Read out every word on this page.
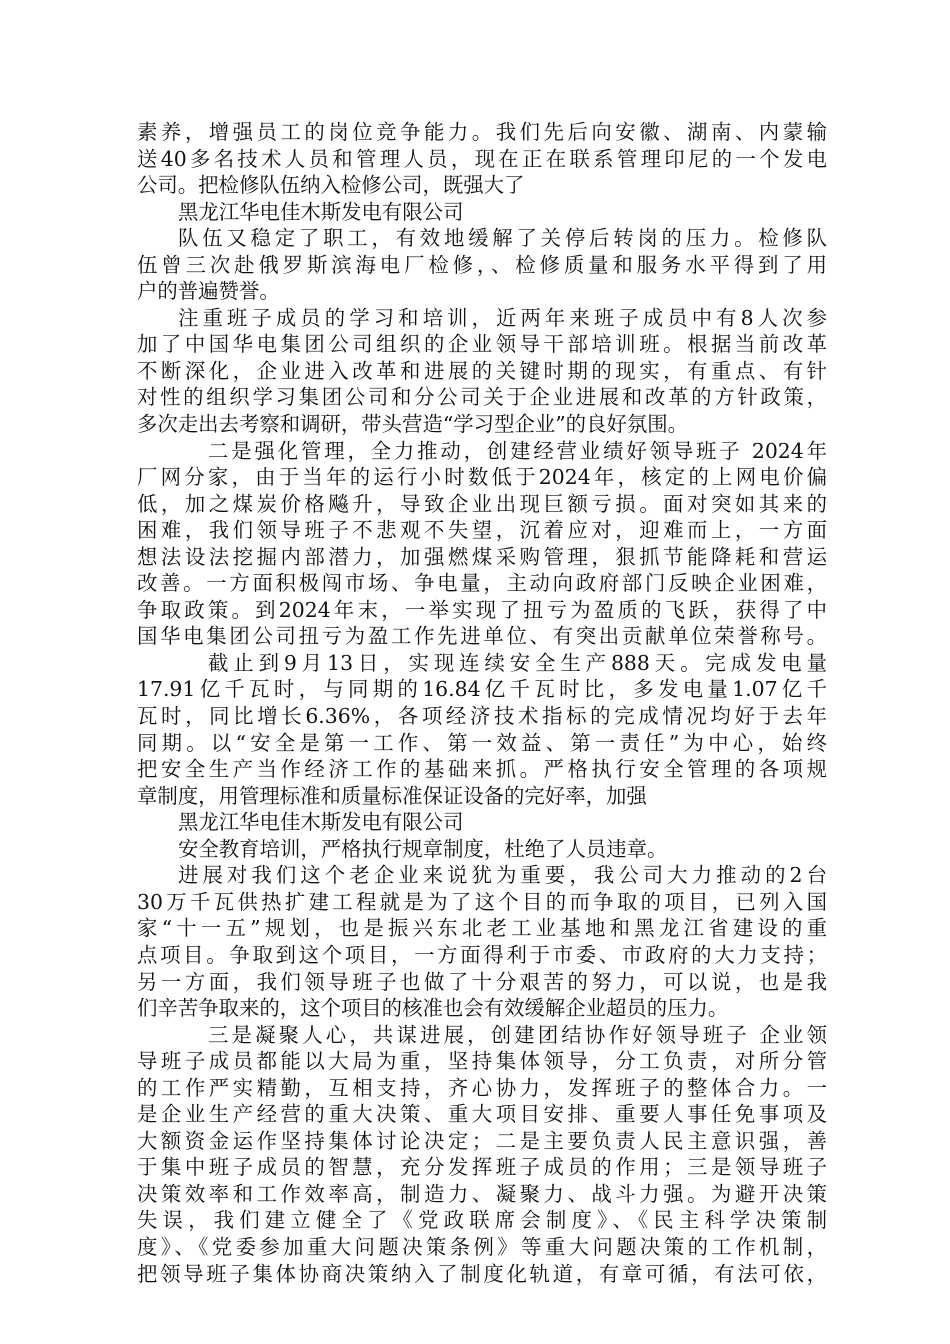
素养，增强员工的岗位竞争能力。我们先后向安徽、湖南、内蒙输
送40多名技术人员和管理人员，现在正在联系管理印尼的一个发电
公司。把检修队伍纳入检修公司，既强大了
黑龙江华电佳木斯发电有限公司
队伍又稳定了职工，有效地缓解了关停后转岗的压力。检修队
伍曾三次赴俄罗斯滨海电厂检修，、检修质量和服务水平得到了用
户的普遍赞誉。
注重班子成员的学习和培训，近两年来班子成员中有8人次参
加了中国华电集团公司组织的企业领导干部培训班。根据当前改革
不断深化，企业进入改革和进展的关键时期的现实，有重点、有针
对性的组织学习集团公司和分公司关于企业进展和改革的方针政策，
多次走出去考察和调研，带头营造“学习型企业”的良好氛围。
二是强化管理，全力推动，创建经营业绩好领导班子 2024年
厂网分家，由于当年的运行小时数低于2024年，核定的上网电价偏
低，加之煤炭价格飚升，导致企业出现巨额亏损。面对突如其来的
困难，我们领导班子不悲观不失望，沉着应对，迎难而上，一方面
想法设法挖掘内部潜力，加强燃煤采购管理，狠抓节能降耗和营运
改善。一方面积极闯市场、争电量，主动向政府部门反映企业困难，
争取政策。到2024年末，一举实现了扭亏为盈质的飞跃，获得了中
国华电集团公司扭亏为盈工作先进单位、有突出贡献单位荣誉称号。
截止到9月13日，实现连续安全生产888天。完成发电量
17.91亿千瓦时，与同期的16.84亿千瓦时比，多发电量1.07亿千
瓦时，同比增长6.36%，各项经济技术指标的完成情况均好于去年
同期。以“安全是第一工作、第一效益、第一责任”为中心，始终
把安全生产当作经济工作的基础来抓。严格执行安全管理的各项规
章制度，用管理标准和质量标准保证设备的完好率，加强
黑龙江华电佳木斯发电有限公司
安全教育培训，严格执行规章制度，杜绝了人员违章。
进展对我们这个老企业来说犹为重要，我公司大力推动的2台
30万千瓦供热扩建工程就是为了这个目的而争取的项目，已列入国
家“十一五”规划，也是振兴东北老工业基地和黑龙江省建设的重
点项目。争取到这个项目，一方面得利于市委、市政府的大力支持；
另一方面，我们领导班子也做了十分艰苦的努力，可以说，也是我
们辛苦争取来的，这个项目的核准也会有效缓解企业超员的压力。
三是凝聚人心，共谋进展，创建团结协作好领导班子 企业领
导班子成员都能以大局为重，坚持集体领导，分工负责，对所分管
的工作严实精勤，互相支持，齐心协力，发挥班子的整体合力。一
是企业生产经营的重大决策、重大项目安排、重要人事任免事项及
大额资金运作坚持集体讨论决定；二是主要负责人民主意识强，善
于集中班子成员的智慧，充分发挥班子成员的作用；三是领导班子
决策效率和工作效率高，制造力、凝聚力、战斗力强。为避开决策
失误，我们建立健全了《党政联席会制度》、《民主科学决策制
度》、《党委参加重大问题决策条例》等重大问题决策的工作机制，
把领导班子集体协商决策纳入了制度化轨道，有章可循，有法可依，
